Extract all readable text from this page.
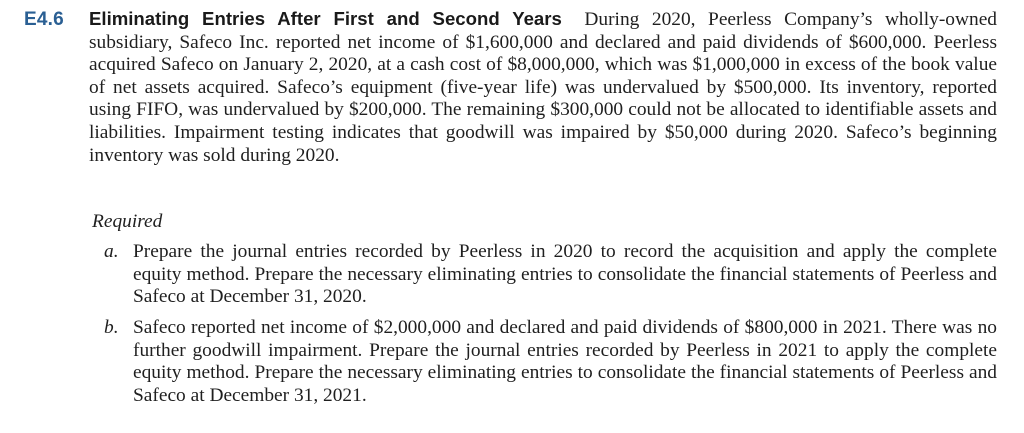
E4.6 Eliminating Entries After First and Second Years During 2020, Peerless Company’s wholly-owned subsidiary, Safeco Inc. reported net income of $1,600,000 and declared and paid dividends of $600,000. Peerless acquired Safeco on January 2, 2020, at a cash cost of $8,000,000, which was $1,000,000 in excess of the book value of net assets acquired. Safeco’s equipment (five-year life) was undervalued by $500,000. Its inventory, reported using FIFO, was undervalued by $200,000. The remaining $300,000 could not be allocated to identifiable assets and liabilities. Impairment testing indicates that goodwill was impaired by $50,000 during 2020. Safeco’s beginning inventory was sold during 2020.
Required
a. Prepare the journal entries recorded by Peerless in 2020 to record the acquisition and apply the complete equity method. Prepare the necessary eliminating entries to consolidate the financial statements of Peerless and Safeco at December 31, 2020.
b. Safeco reported net income of $2,000,000 and declared and paid dividends of $800,000 in 2021. There was no further goodwill impairment. Prepare the journal entries recorded by Peerless in 2021 to apply the complete equity method. Prepare the necessary eliminating entries to consolidate the financial statements of Peerless and Safeco at December 31, 2021.
